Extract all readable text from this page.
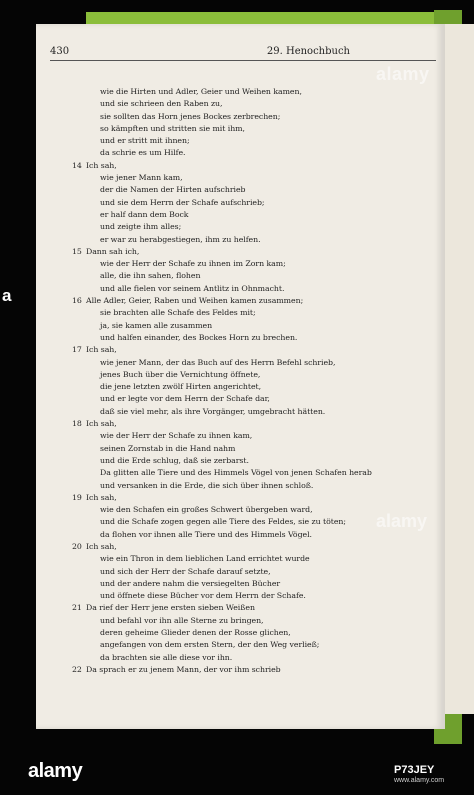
430	29. Henochbuch
wie die Hirten und Adler, Geier und Weihen kamen,
und sie schrieen den Raben zu,
sie sollten das Horn jenes Bockes zerbrechen;
so kämpften und stritten sie mit ihm,
und er stritt mit ihnen;
da schrie es um Hilfe.
14 Ich sah,
wie jener Mann kam,
der die Namen der Hirten aufschrieb
und sie dem Herrn der Schafe aufschrieb;
er half dann dem Bock
und zeigte ihm alles;
er war zu herabgestiegen, ihm zu helfen.
15 Dann sah ich,
wie der Herr der Schafe zu ihnen im Zorn kam;
alle, die ihn sahen, flohen
und alle fielen vor seinem Antlitz in Ohnmacht.
16 Alle Adler, Geier, Raben und Weihen kamen zusammen;
sie brachten alle Schafe des Feldes mit;
ja, sie kamen alle zusammen
und halfen einander, des Bockes Horn zu brechen.
17 Ich sah,
wie jener Mann, der das Buch auf des Herrn Befehl schrieb,
jenes Buch über die Vernichtung öffnete,
die jene letzten zwölf Hirten angerichtet,
und er legte vor dem Herrn der Schafe dar,
daß sie viel mehr, als ihre Vorgänger, umgebracht hätten.
18 Ich sah,
wie der Herr der Schafe zu ihnen kam,
seinen Zornstab in die Hand nahm
und die Erde schlug, daß sie zerbarst.
Da glitten alle Tiere und des Himmels Vögel von jenen Schafen herab
und versanken in die Erde, die sich über ihnen schloß.
19 Ich sah,
wie den Schafen ein großes Schwert übergeben ward,
und die Schafe zogen gegen alle Tiere des Feldes, sie zu töten;
da flohen vor ihnen alle Tiere und des Himmels Vögel.
20 Ich sah,
wie ein Thron in dem lieblichen Land errichtet wurde
und sich der Herr der Schafe darauf setzte,
und der andere nahm die versiegelten Bücher
und öffnete diese Bücher vor dem Herrn der Schafe.
21 Da rief der Herr jene ersten sieben Weißen
und befahl vor ihn alle Sterne zu bringen,
deren geheime Glieder denen der Rosse glichen,
angefangen von dem ersten Stern, der den Weg verließ;
da brachten sie alle diese vor ihn.
22 Da sprach er zu jenem Mann, der vor ihm schrieb
alamy
alamy
a
alamy	P73JEY
www.alamy.com
